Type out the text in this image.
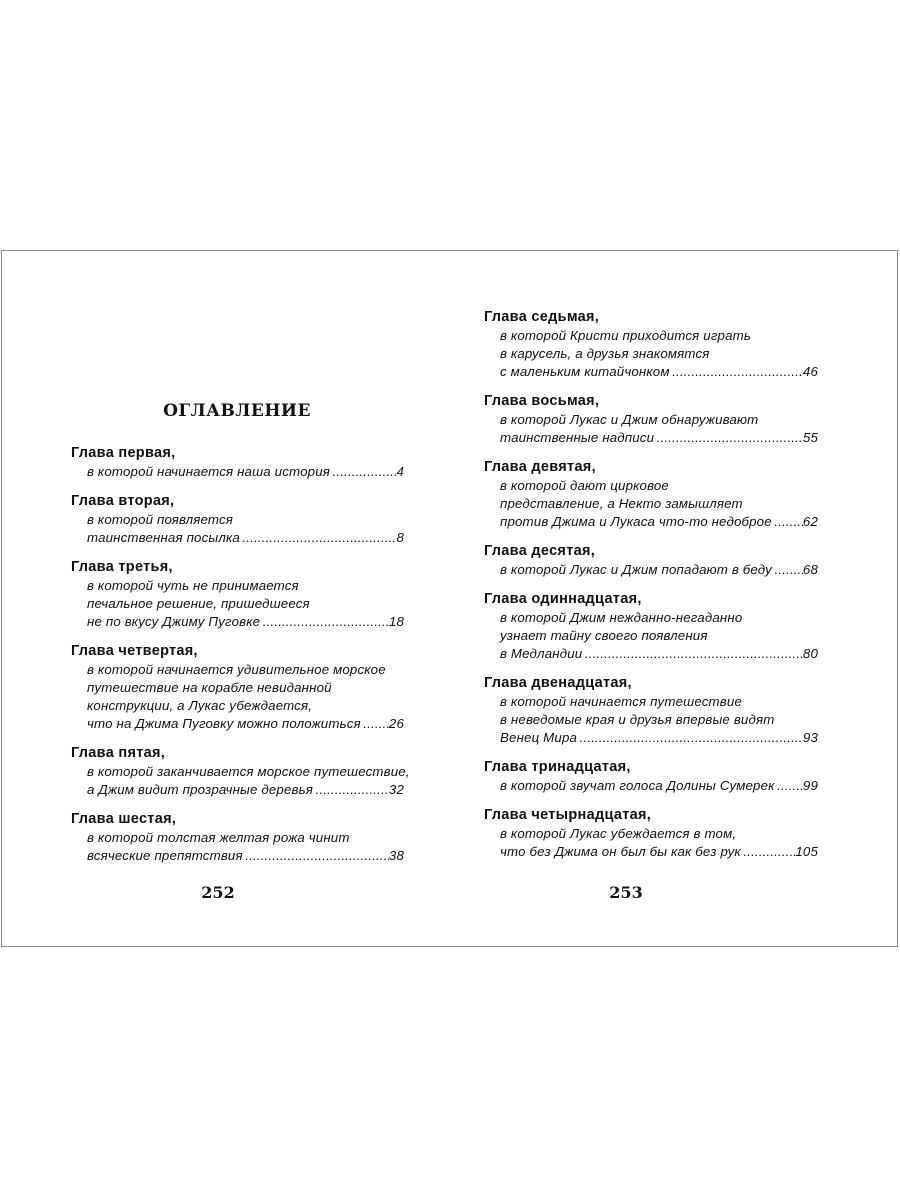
ОГЛАВЛЕНИЕ
Глава первая,
в которой начинается наша история .....	4
Глава вторая,
в которой появляется
таинственная посылка .....	8
Глава третья,
в которой чуть не принимается
печальное решение, пришедшееся
не по вкусу Джиму Пуговке .....	18
Глава четвертая,
в которой начинается удивительное морское
путешествие на корабле невиданной
конструкции, а Лукас убеждается,
что на Джима Пуговку можно положиться ..... 26
Глава пятая,
в которой заканчивается морское путешествие,
а Джим видит прозрачные деревья .....	32
Глава шестая,
в которой толстая желтая рожа чинит
всяческие препятствия .....	38
252
Глава седьмая,
в которой Кристи приходится играть
в карусель, а друзья знакомятся
с маленьким китайчонком .....	46
Глава восьмая,
в которой Лукас и Джим обнаруживают
таинственные надписи .....	55
Глава девятая,
в которой дают цирковое
представление, а Некто замышляет
против Джима и Лукаса что-то недоброе ..... 62
Глава десятая,
в которой Лукас и Джим попадают в беду ..... 68
Глава одиннадцатая,
в которой Джим нежданно-негаданно
узнает тайну своего появления
в Медландии .....	80
Глава двенадцатая,
в которой начинается путешествие
в неведомые края и друзья впервые видят
Венец Мира .....	93
Глава тринадцатая,
в которой звучат голоса Долины Сумерек ..... 99
Глава четырнадцатая,
в которой Лукас убеждается в том,
что без Джима он был бы как без рук .....	105
253
